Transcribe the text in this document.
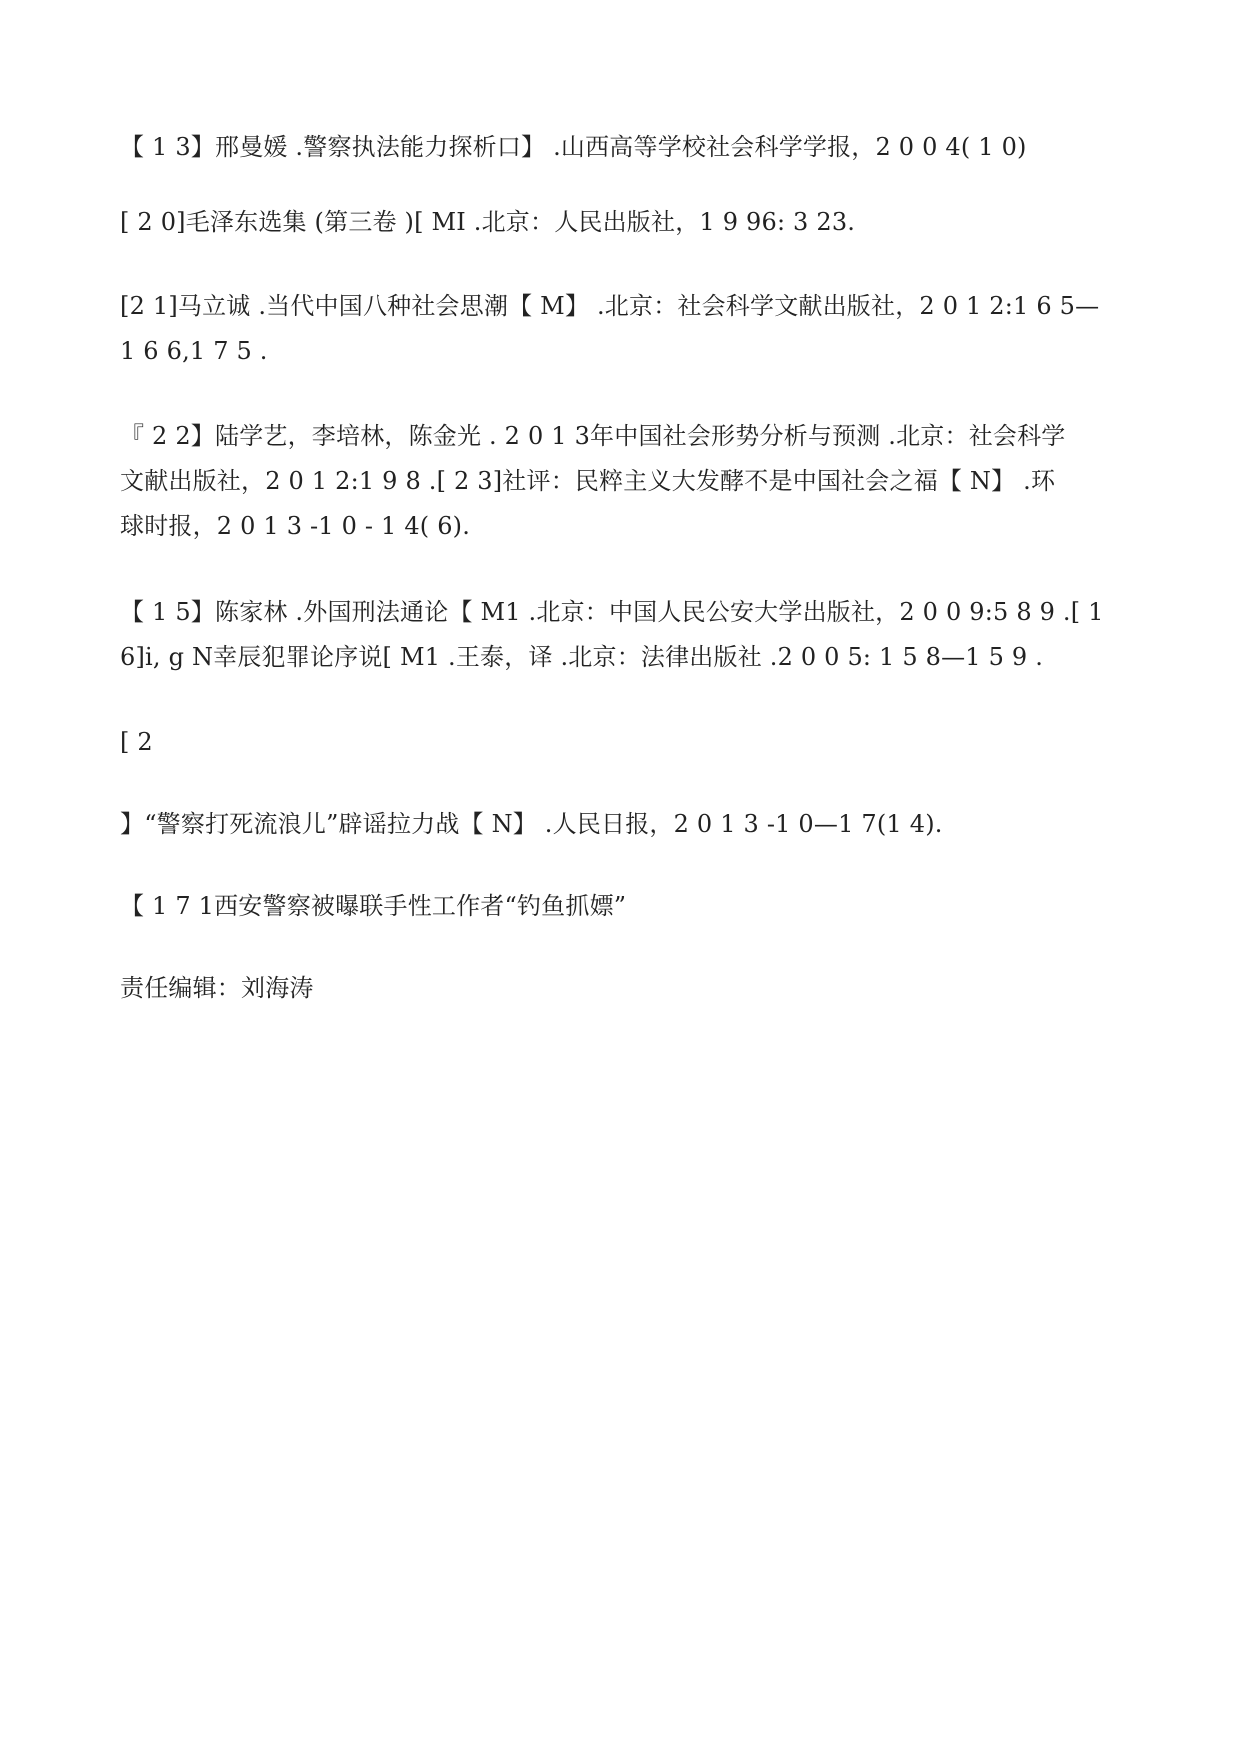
【 1 3】邢曼媛 .警察执法能力探析口】 .山西高等学校社会科学学报，2 0 0 4( 1 0)
[ 2 0]毛泽东选集 (第三卷 )[ MI .北京：人民出版社，1 9 96: 3 23.
[2 1]马立诚 .当代中国八种社会思潮【 M】 .北京：社会科学文献出版社，2 0 1 2:1 6 5—
1 6 6,1 7 5 .
『 2 2】陆学艺，李培林，陈金光 . 2 0 1 3年中国社会形势分析与预测 .北京：社会科学
文献出版社，2 0 1 2:1 9 8 .[ 2 3]社评：民粹主义大发酵不是中国社会之福【 N】 .环
球时报，2 0 1 3 -1 0 - 1 4( 6).
【 1 5】陈家林 .外国刑法通论【 M1 .北京：中国人民公安大学出版社，2 0 0 9:5 8 9 .[ 1
6]i, g N幸辰犯罪论序说[ M1 .王泰，译 .北京：法律出版社 .2 0 0 5: 1 5 8—1 5 9 .
[ 2
】“警察打死流浪儿”辟谣拉力战【 N】 .人民日报，2 0 1 3 -1 0—1 7(1 4).
【 1 7 1西安警察被曝联手性工作者“钓鱼抓嫖”
责任编辑：刘海涛
